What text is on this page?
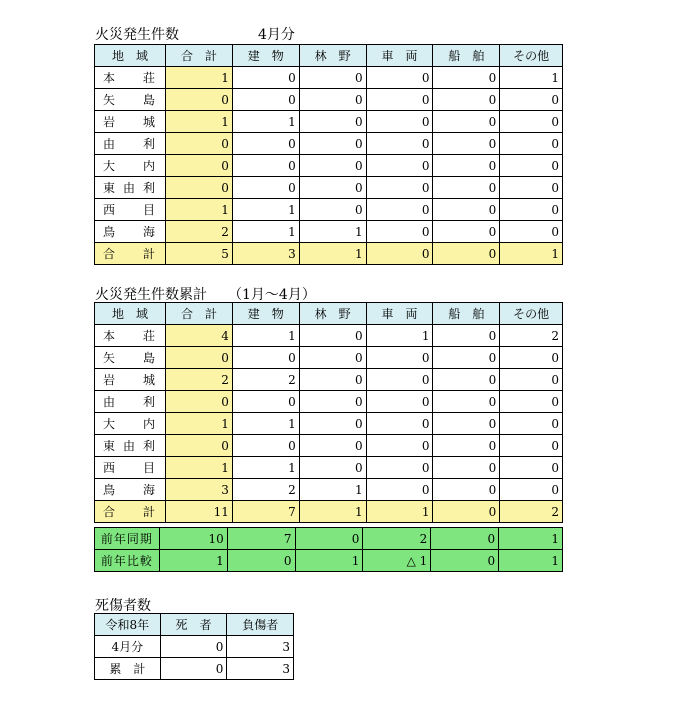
火災発生件数	4月分
地　域	合　計	建　物	林　野	車　両	船　舶	その他
本　荘	1	0	0	0	0	1
矢　島	0	0	0	0	0	0
岩　城	1	1	0	0	0	0
由　利	0	0	0	0	0	0
大　内	0	0	0	0	0	0
東由利	0	0	0	0	0	0
西　目	1	1	0	0	0	0
鳥　海	2	1	1	0	0	0
合　計	5	3	1	0	0	1
火災発生件数累計 （1月～4月）
地　域	合　計	建　物	林　野	車　両	船　舶	その他
本　荘	4	1	0	1	0	2
矢　島	0	0	0	0	0	0
岩　城	2	2	0	0	0	0
由　利	0	0	0	0	0	0
大　内	1	1	0	0	0	0
東由利	0	0	0	0	0	0
西　目	1	1	0	0	0	0
鳥　海	3	2	1	0	0	0
合　計	11	7	1	1	0	2
前年同期	10	7	0	2	0	1
前年比較	1	0	1	△ 1	0	1
死傷者数
令和8年	死　者	負傷者
4月分	0	3
累　計	0	3
